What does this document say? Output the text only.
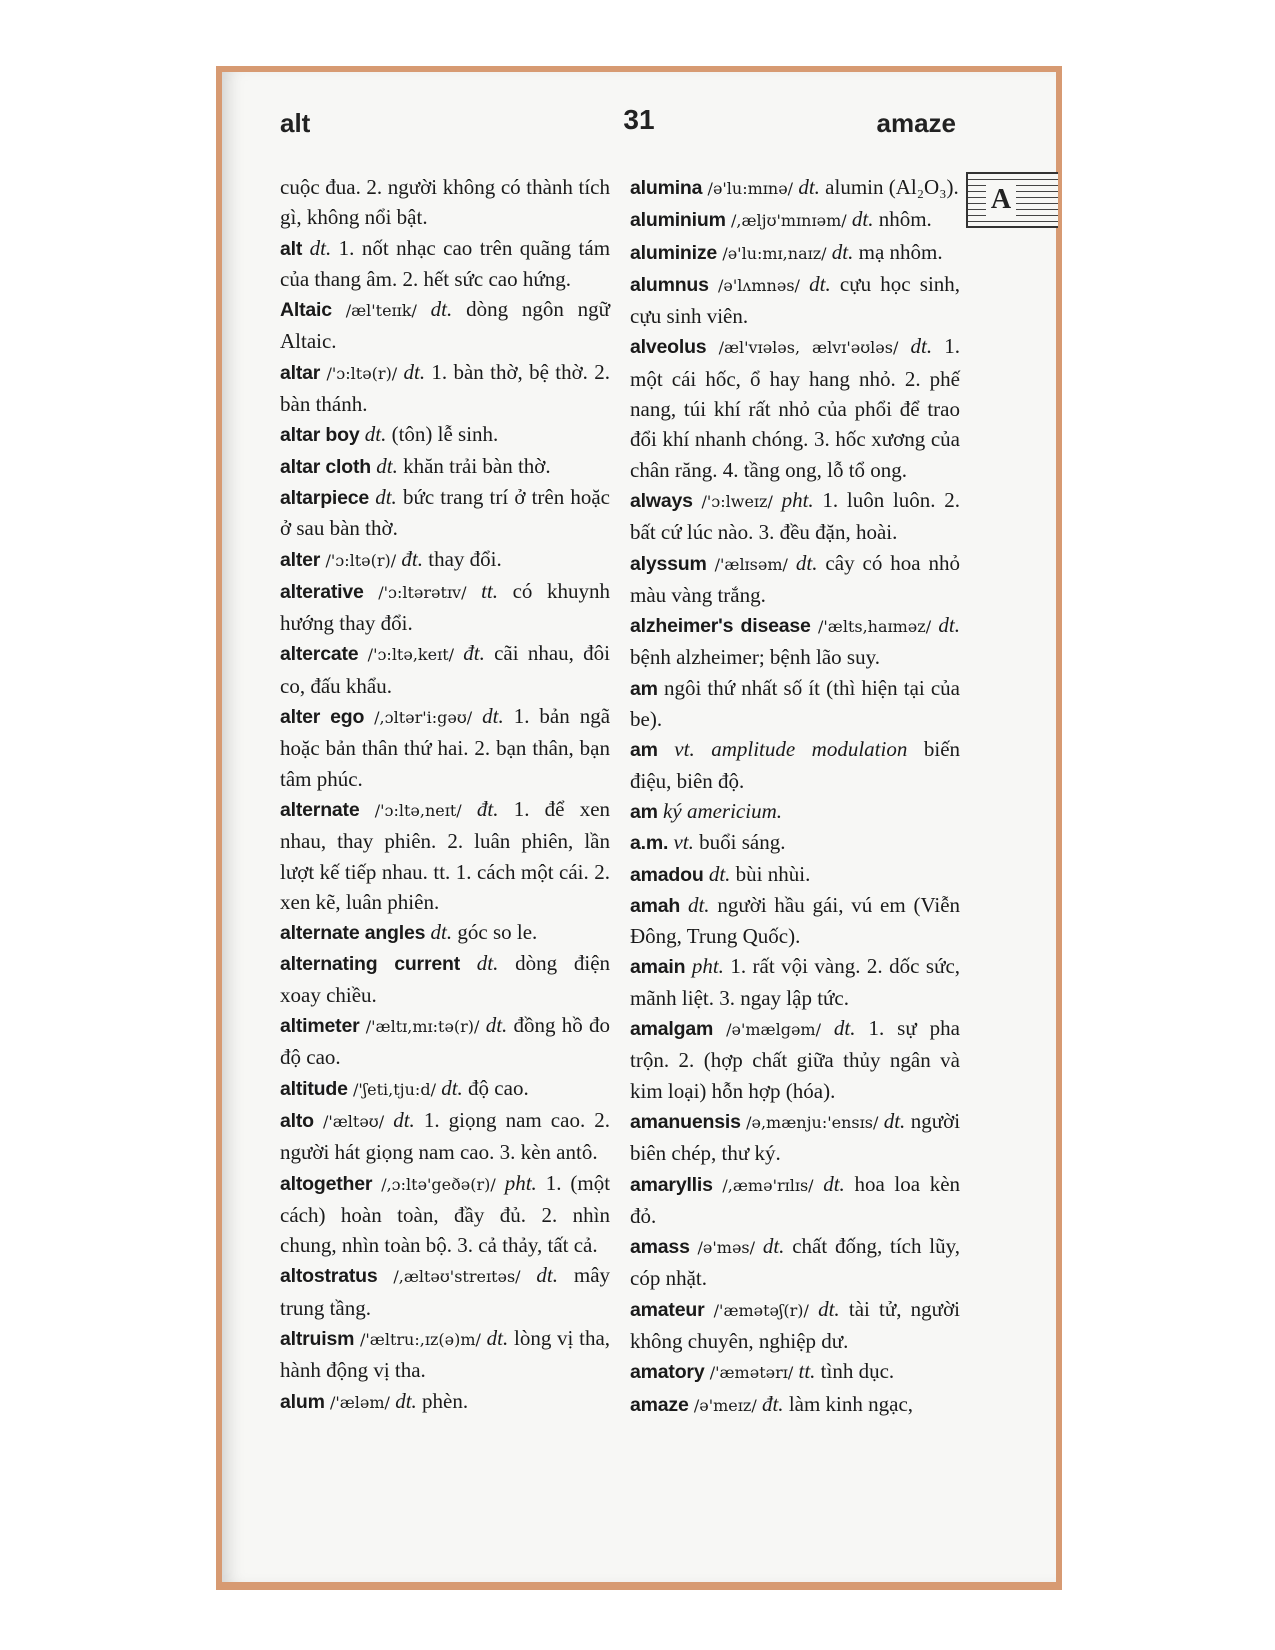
alt	31	amaze
A

cuộc đua. 2. người không có thành tích gì, không nổi bật.

alt dt. 1. nốt nhạc cao trên quãng tám của thang âm. 2. hết sức cao hứng.

Altaic /æl'teɪɪk/ dt. dòng ngôn ngữ Altaic.

altar /'ɔ:ltə(r)/ dt. 1. bàn thờ, bệ thờ. 2. bàn thánh.

altar boy dt. (tôn) lễ sinh.

altar cloth dt. khăn trải bàn thờ.

altarpiece dt. bức trang trí ở trên hoặc ở sau bàn thờ.

alter /'ɔ:ltə(r)/ đt. thay đổi.

alterative /'ɔ:ltərətɪv/ tt. có khuynh hướng thay đổi.

altercate /'ɔ:ltə,keɪt/ đt. cãi nhau, đôi co, đấu khẩu.

alter ego /,ɔltər'i:gəʊ/ dt. 1. bản ngã hoặc bản thân thứ hai. 2. bạn thân, bạn tâm phúc.

alternate /'ɔ:ltə,neɪt/ đt. 1. để xen nhau, thay phiên. 2. luân phiên, lần lượt kế tiếp nhau. tt. 1. cách một cái. 2. xen kẽ, luân phiên.

alternate angles dt. góc so le.

alternating current dt. dòng điện xoay chiều.

altimeter /'æltɪ,mɪ:tə(r)/ dt. đồng hồ đo độ cao.

altitude /'ʃeti,tju:d/ dt. độ cao.

alto /'æltəʊ/ dt. 1. giọng nam cao. 2. người hát giọng nam cao. 3. kèn antô.

altogether /,ɔ:ltə'geðə(r)/ pht. 1. (một cách) hoàn toàn, đầy đủ. 2. nhìn chung, nhìn toàn bộ. 3. cả thảy, tất cả.

altostratus /,æltəʊ'streɪtəs/ dt. mây trung tầng.

altruism /'æltru:,ɪz(ə)m/ dt. lòng vị tha, hành động vị tha.

alum /'æləm/ dt. phèn.

alumina /ə'lu:mɪnə/ dt. alumin (Al₂O₃).

aluminium /,æljʊ'mɪnɪəm/ dt. nhôm.

aluminize /ə'lu:mɪ,naɪz/ dt. mạ nhôm.

alumnus /ə'lʌmnəs/ dt. cựu học sinh, cựu sinh viên.

alveolus /æl'vɪələs, ælvɪ'əʊləs/ dt. 1. một cái hốc, ổ hay hang nhỏ. 2. phế nang, túi khí rất nhỏ của phổi để trao đổi khí nhanh chóng. 3. hốc xương của chân răng. 4. tầng ong, lỗ tổ ong.

always /'ɔ:lweɪz/ pht. 1. luôn luôn. 2. bất cứ lúc nào. 3. đều đặn, hoài.

alyssum /'ælɪsəm/ dt. cây có hoa nhỏ màu vàng trắng.

alzheimer's disease /'ælts,haɪməz/ dt. bệnh alzheimer; bệnh lão suy.

am ngôi thứ nhất số ít (thì hiện tại của be).

am vt. amplitude modulation biến điệu, biên độ.

am ký americium.

a.m. vt. buổi sáng.

amadou dt. bùi nhùi.

amah dt. người hầu gái, vú em (Viễn Đông, Trung Quốc).

amain pht. 1. rất vội vàng. 2. dốc sức, mãnh liệt. 3. ngay lập tức.

amalgam /ə'mælgəm/ dt. 1. sự pha trộn. 2. (hợp chất giữa thủy ngân và kim loại) hỗn hợp (hóa).

amanuensis /ə,mænju:'ensɪs/ dt. người biên chép, thư ký.

amaryllis /,æmə'rɪlɪs/ dt. hoa loa kèn đỏ.

amass /ə'məs/ dt. chất đống, tích lũy, cóp nhặt.

amateur /'æmətəʃ(r)/ dt. tài tử, người không chuyên, nghiệp dư.

amatory /'æmətərɪ/ tt. tình dục.

amaze /ə'meɪz/ đt. làm kinh ngạc,
